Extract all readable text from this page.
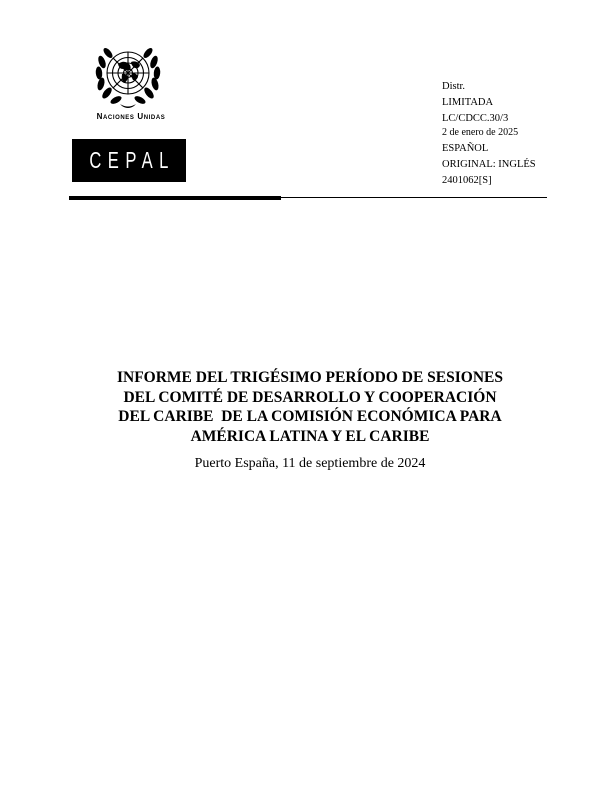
Naciones Unidas
CEPAL
Distr.
LIMITADA
LC/CDCC.30/3
2 de enero de 2025
ESPAÑOL
ORIGINAL: INGLÉS
2401062[S]
INFORME DEL TRIGÉSIMO PERÍODO DE SESIONES
DEL COMITÉ DE DESARROLLO Y COOPERACIÓN
DEL CARIBE  DE LA COMISIÓN ECONÓMICA PARA
AMÉRICA LATINA Y EL CARIBE
Puerto España, 11 de septiembre de 2024
